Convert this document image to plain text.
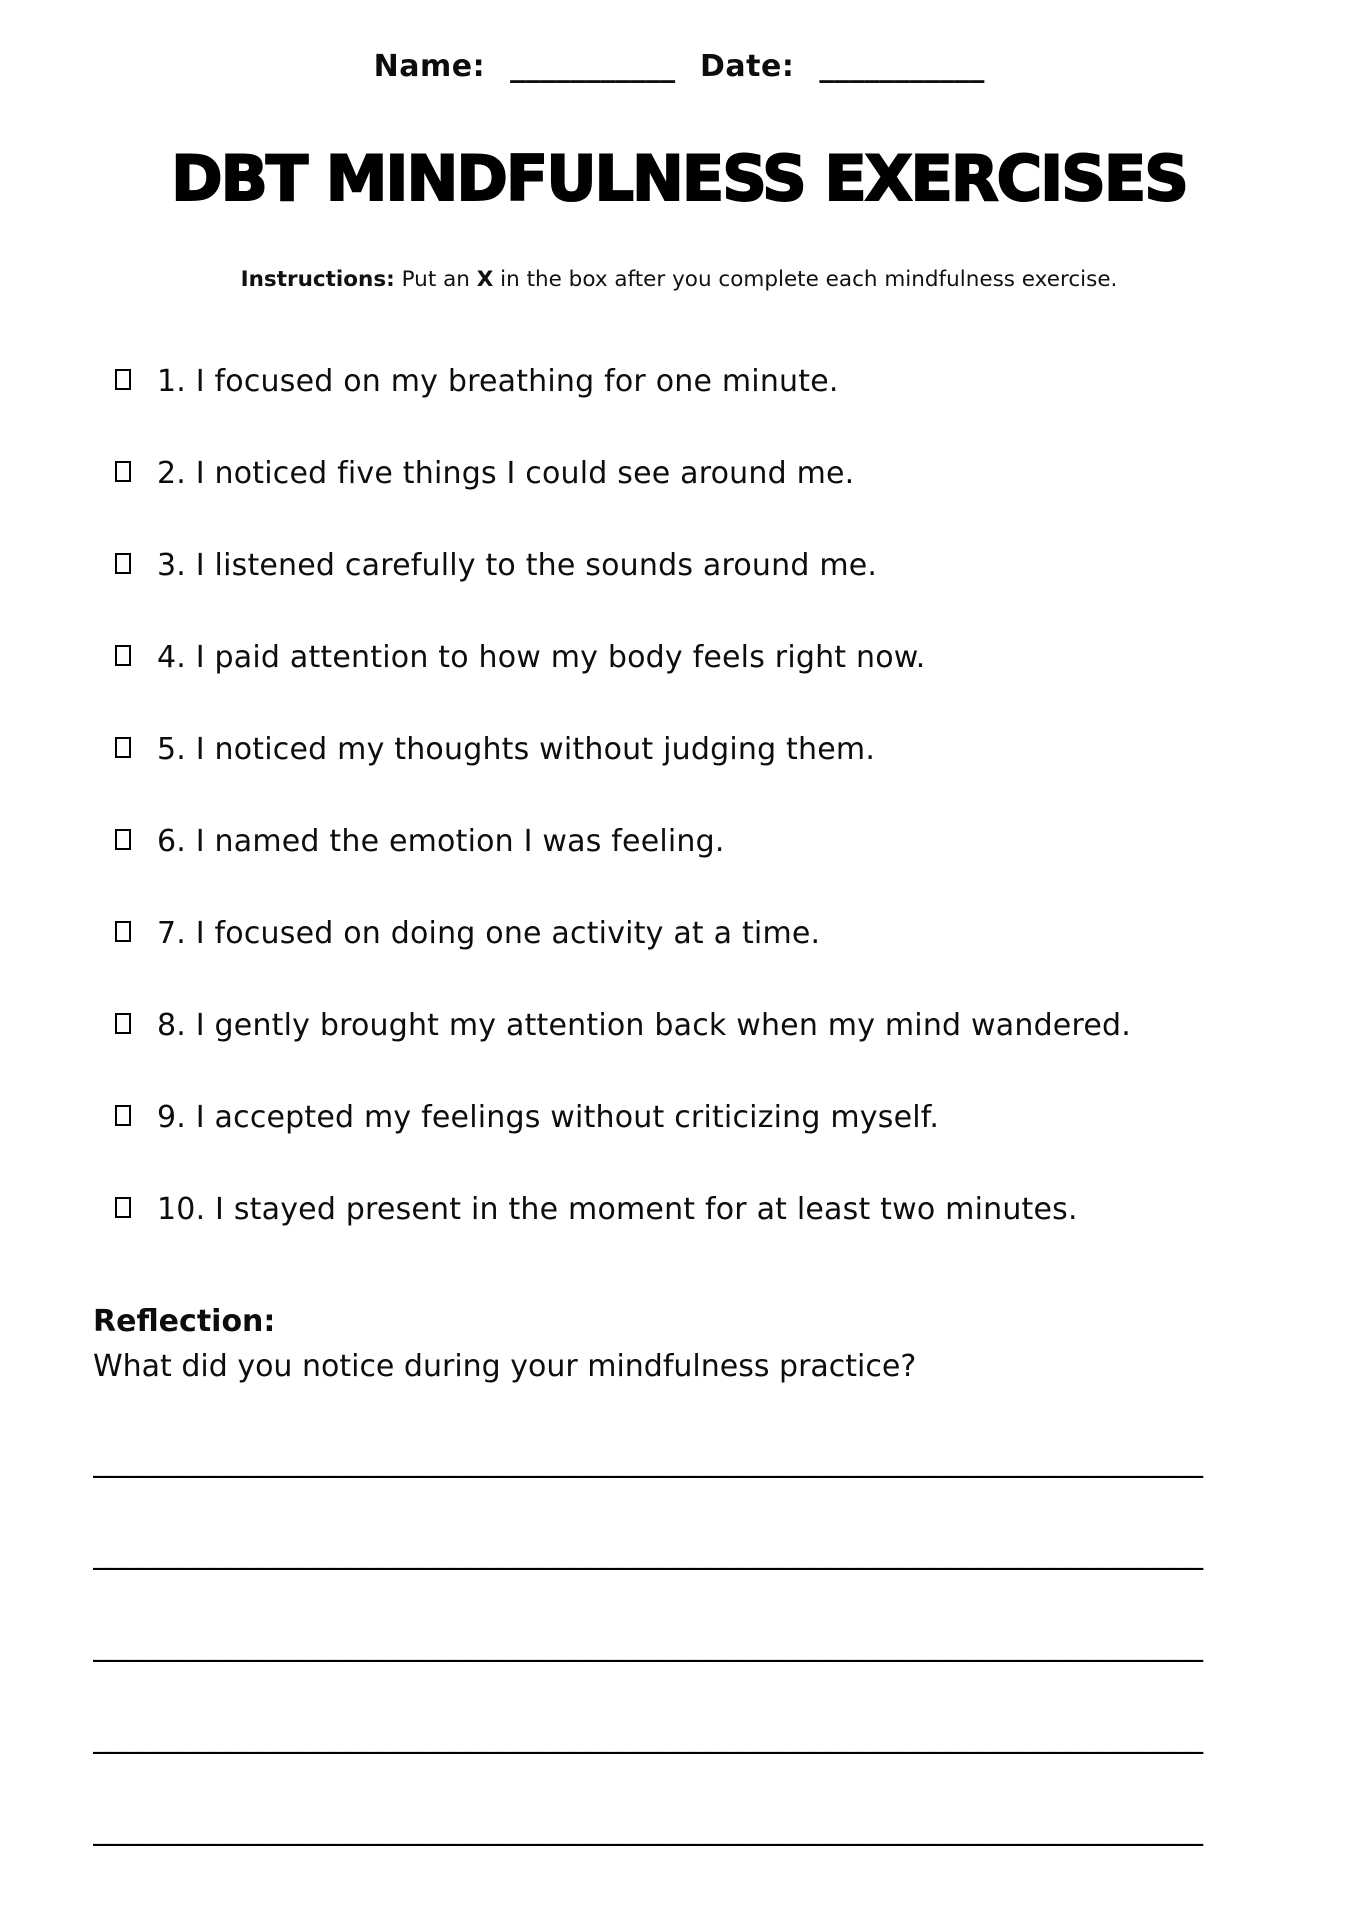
Name: ___________ Date: ___________
DBT MINDFULNESS EXERCISES
Instructions: Put an X in the box after you complete each mindfulness exercise.
1. I focused on my breathing for one minute.
2. I noticed five things I could see around me.
3. I listened carefully to the sounds around me.
4. I paid attention to how my body feels right now.
5. I noticed my thoughts without judging them.
6. I named the emotion I was feeling.
7. I focused on doing one activity at a time.
8. I gently brought my attention back when my mind wandered.
9. I accepted my feelings without criticizing myself.
10. I stayed present in the moment for at least two minutes.
Reflection:
What did you notice during your mindfulness practice?
__________________________________________________________________________
__________________________________________________________________________
__________________________________________________________________________
__________________________________________________________________________
__________________________________________________________________________
